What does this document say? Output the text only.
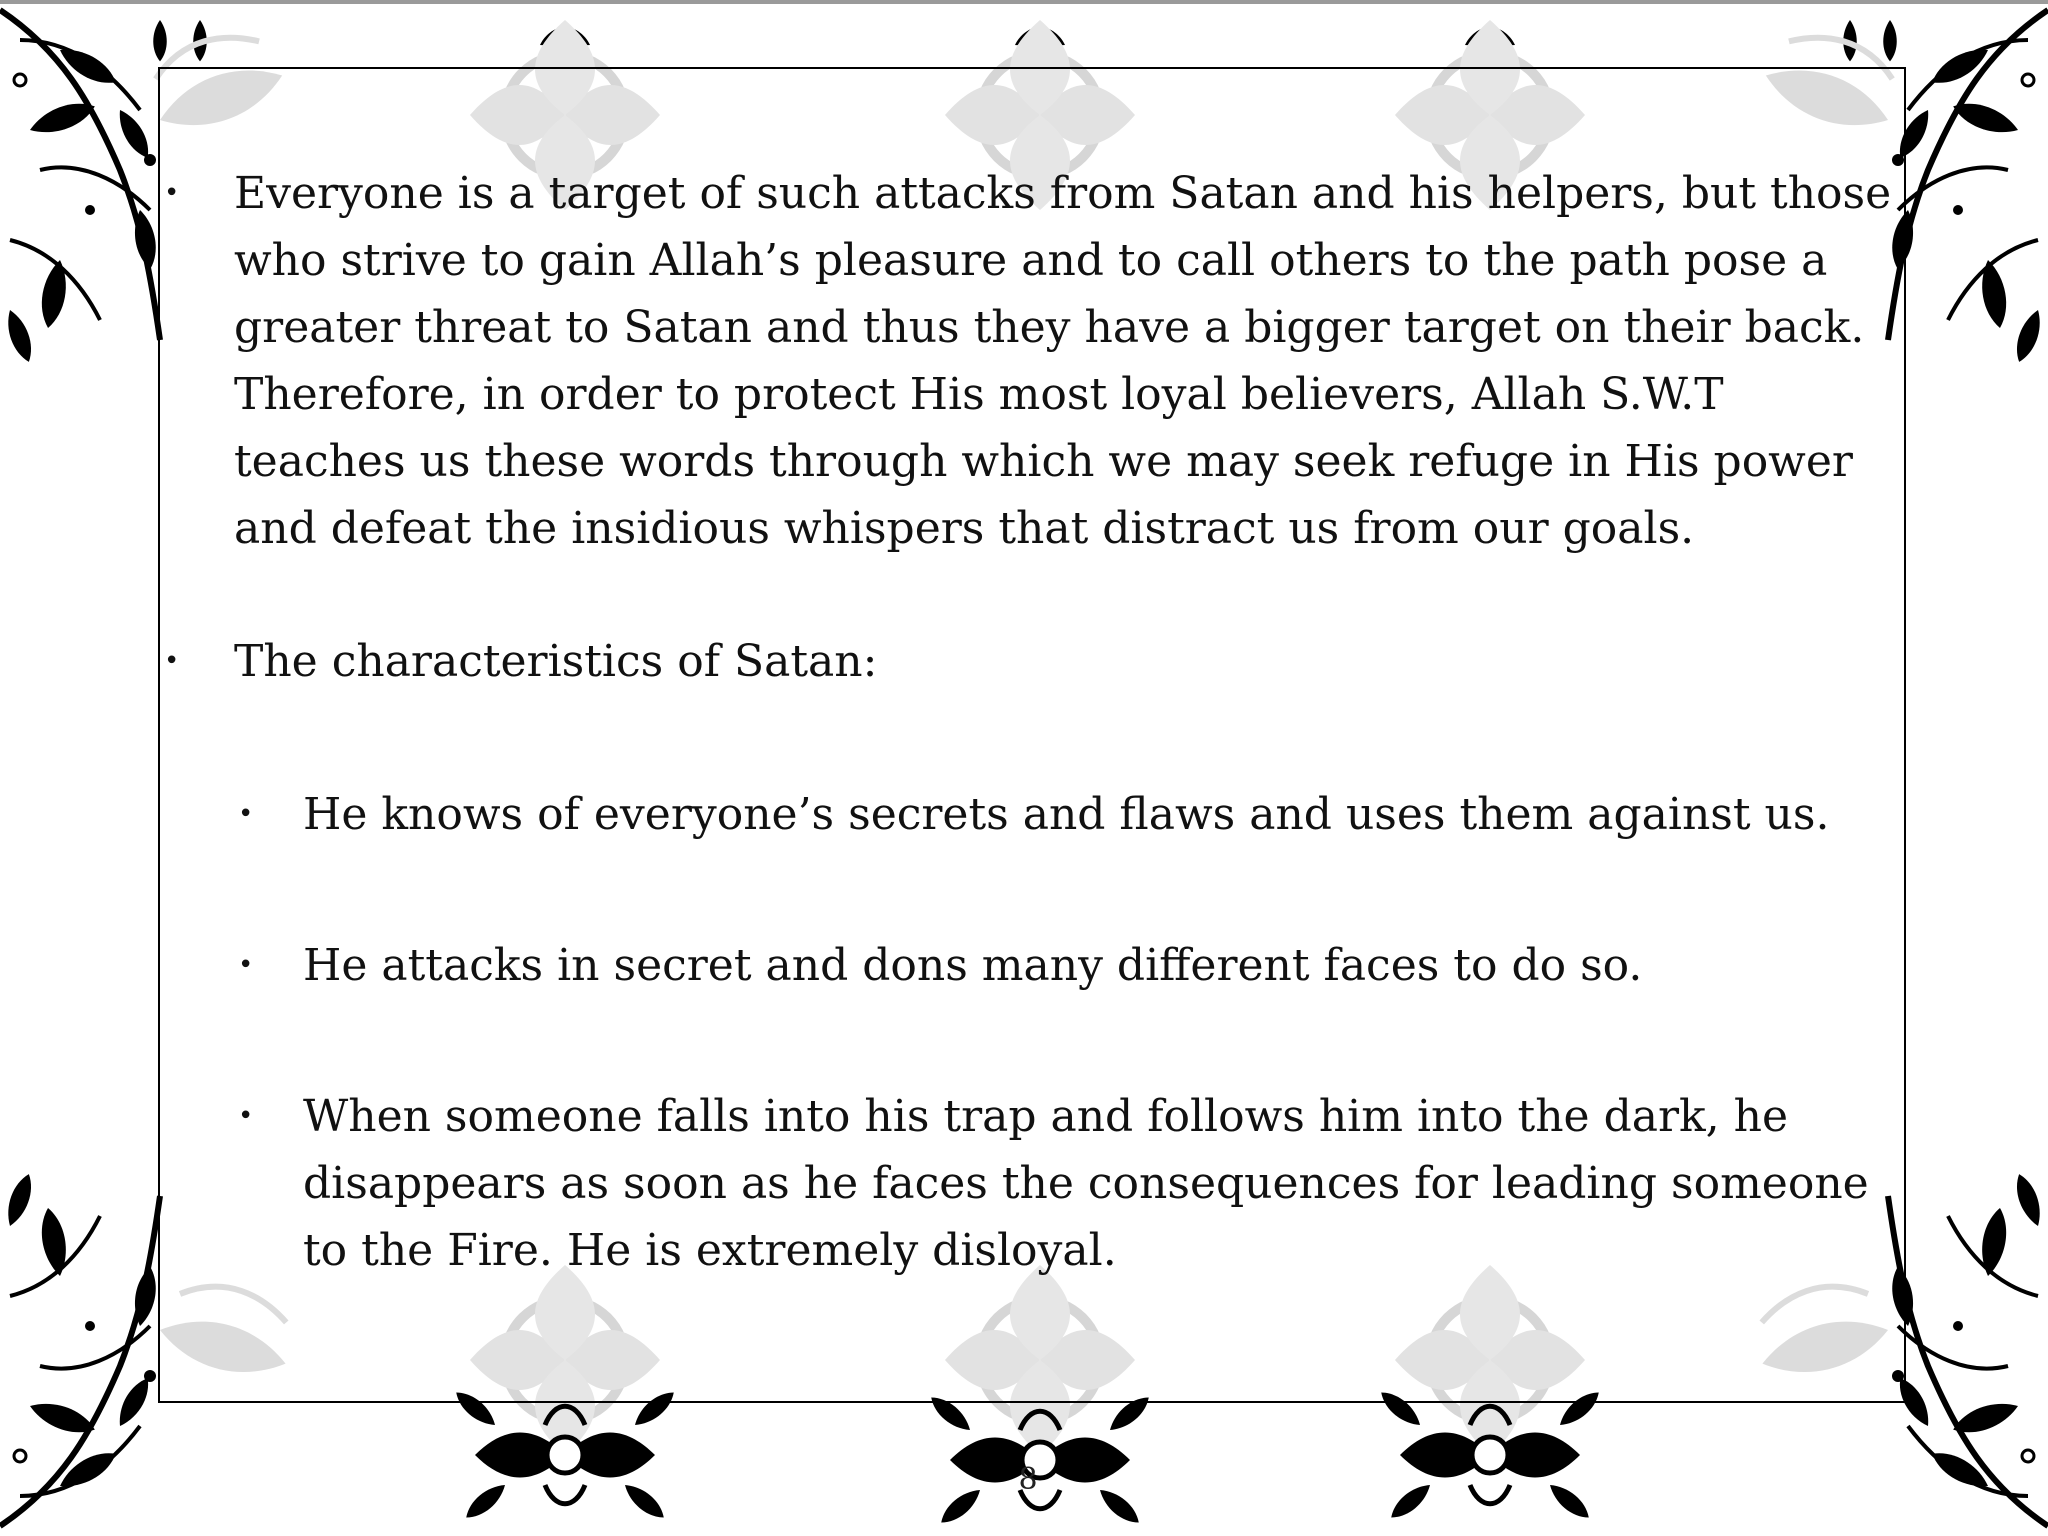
• Everyone is a target of such attacks from Satan and his helpers, but those who strive to gain Allah’s pleasure and to call others to the path pose a greater threat to Satan and thus they have a bigger target on their back. Therefore, in order to protect His most loyal believers, Allah S.W.T teaches us these words through which we may seek refuge in His power and defeat the insidious whispers that distract us from our goals.
• The characteristics of Satan:
• He knows of everyone’s secrets and flaws and uses them against us.
• He attacks in secret and dons many different faces to do so.
• When someone falls into his trap and follows him into the dark, he disappears as soon as he faces the consequences for leading someone to the Fire. He is extremely disloyal.
8
